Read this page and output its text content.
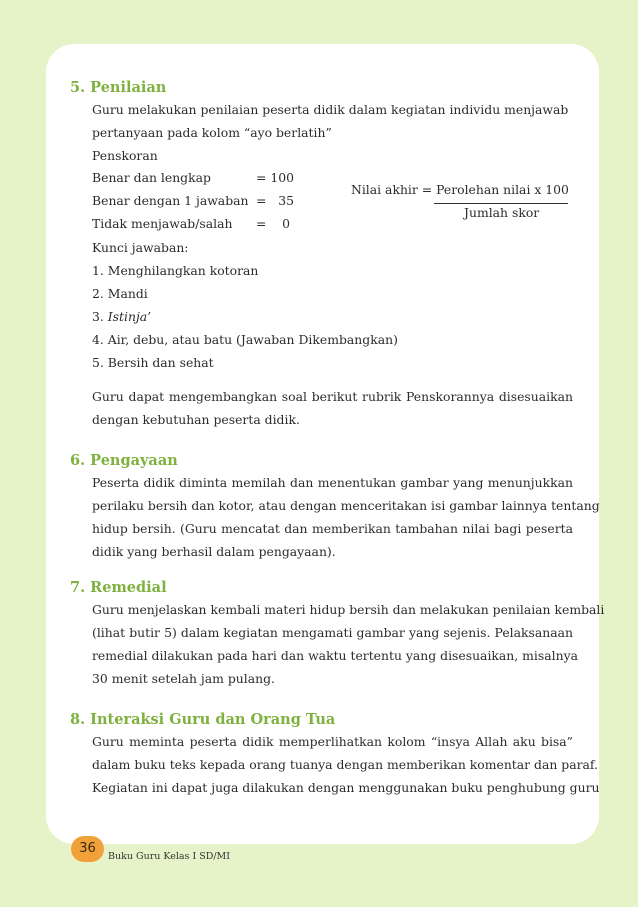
5. Penilaian
Guru melakukan penilaian peserta didik dalam kegiatan individu menjawab
pertanyaan pada kolom “ayo berlatih”
Penskoran
Benar dan lengkap	= 100
Benar dengan 1 jawaban =   35
Tidak menjawab/salah =    0
Nilai akhir = Perolehan nilai x 100
Jumlah skor
Kunci jawaban:
1. Menghilangkan kotoran
2. Mandi
3. Istinja’
4. Air, debu, atau batu (Jawaban Dikembangkan)
5. Bersih dan sehat
Guru dapat mengembangkan soal berikut rubrik Penskorannya disesuaikan
dengan kebutuhan peserta didik.
6. Pengayaan
Peserta didik diminta memilah dan menentukan gambar yang menunjukkan
perilaku bersih dan kotor, atau dengan menceritakan isi gambar lainnya tentang
hidup bersih. (Guru mencatat dan memberikan tambahan nilai bagi peserta
didik yang berhasil dalam pengayaan).
7. Remedial
Guru menjelaskan kembali materi hidup bersih dan melakukan penilaian kembali
(lihat butir 5) dalam kegiatan mengamati gambar yang sejenis. Pelaksanaan
remedial dilakukan pada hari dan waktu tertentu yang disesuaikan, misalnya
30 menit setelah jam pulang.
8. Interaksi Guru dan Orang Tua
Guru meminta peserta didik memperlihatkan kolom “insya Allah aku bisa”
dalam buku teks kepada orang tuanya dengan memberikan komentar dan paraf.
Kegiatan ini dapat juga dilakukan dengan menggunakan buku penghubung guru
36
Buku Guru Kelas I SD/MI
